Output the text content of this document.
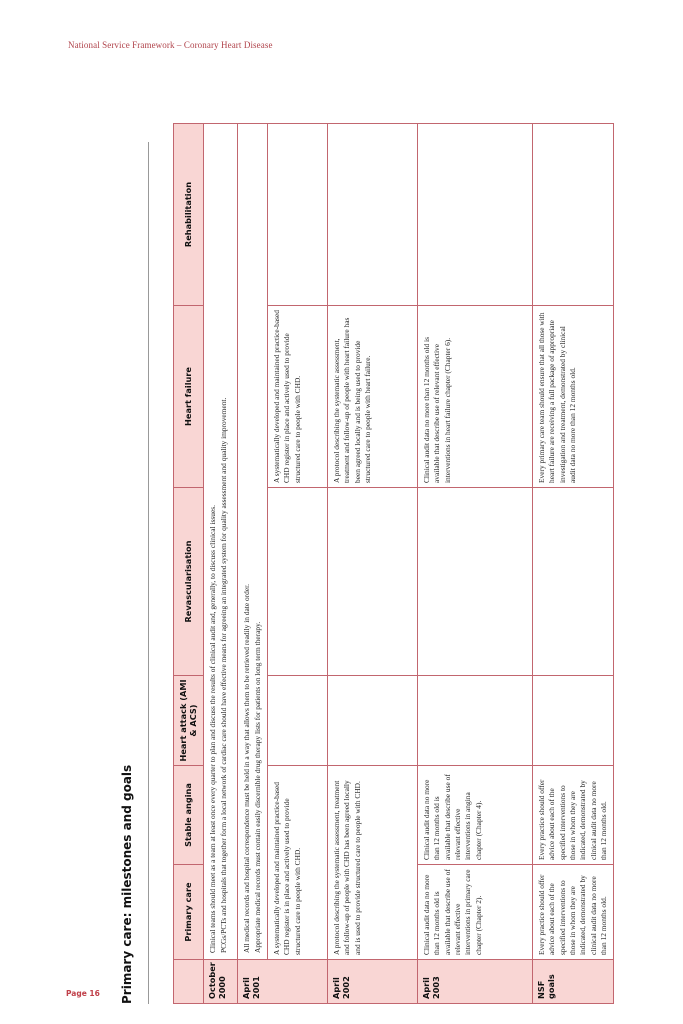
National Service Framework – Coronary Heart Disease
Primary care: milestones and goals
		Primary care	Stable angina	Heart attack (AMI & ACS)	Revascularisation	Heart failure	Rehabilitation
October 2000	Clinical teams should meet as a team at least once every quarter to plan and discuss the results of clinical audit and, generally, to discuss clinical issues. PCGs/PCTs and hospitals that together form a local network of cardiac care should have effective means for agreeing an integrated system for quality assessment and quality improvement.					

April 2001	All medical records and hospital correspondence must be held in a way that allows them to be retrieved readily in date order. Appropriate medical records must contain easily discernible drug therapy lists for patients on long term therapy.					

	A systematically developed and maintained practice-based CHD register is in place and actively used to provide structured care to people with CHD.				A systematically developed and maintained practice-based CHD register in place and actively used to provide structured care to people with CHD.	
April 2002	A protocol describing the systematic assessment, treatment and follow-up of people with CHD has been agreed locally and is used to provide structured care to people with CHD.				A protocol describing the systematic assessment, treatment and follow-up of people with heart failure has been agreed locally and is being used to provide structured care to people with heart failure.	
April 2003	Clinical audit data no more than 12 months old is available that describe use of relevant effective interventions in primary care chapter (Chapter 2).	Clinical audit data no more than 12 months old is available that describe use of relevant effective interventions in angina chapter (Chapter 4).			Clinical audit data no more than 12 months old is available that describe use of relevant effective interventions in heart failure chapter (Chapter 6).	
NSF goals	Every practice should offer advice about each of the specified interventions to those in whom they are indicated, demonstrated by clinical audit data no more than 12 months old.	Every practice should offer advice about each of the specified interventions to those in whom they are indicated, demonstrated by clinical audit data no more than 12 months old.			Every primary care team should ensure that all those with heart failure are receiving a full package of appropriate investigation and treatment, demonstrated by clinical audit data no more than 12 months old.	
Page 16
